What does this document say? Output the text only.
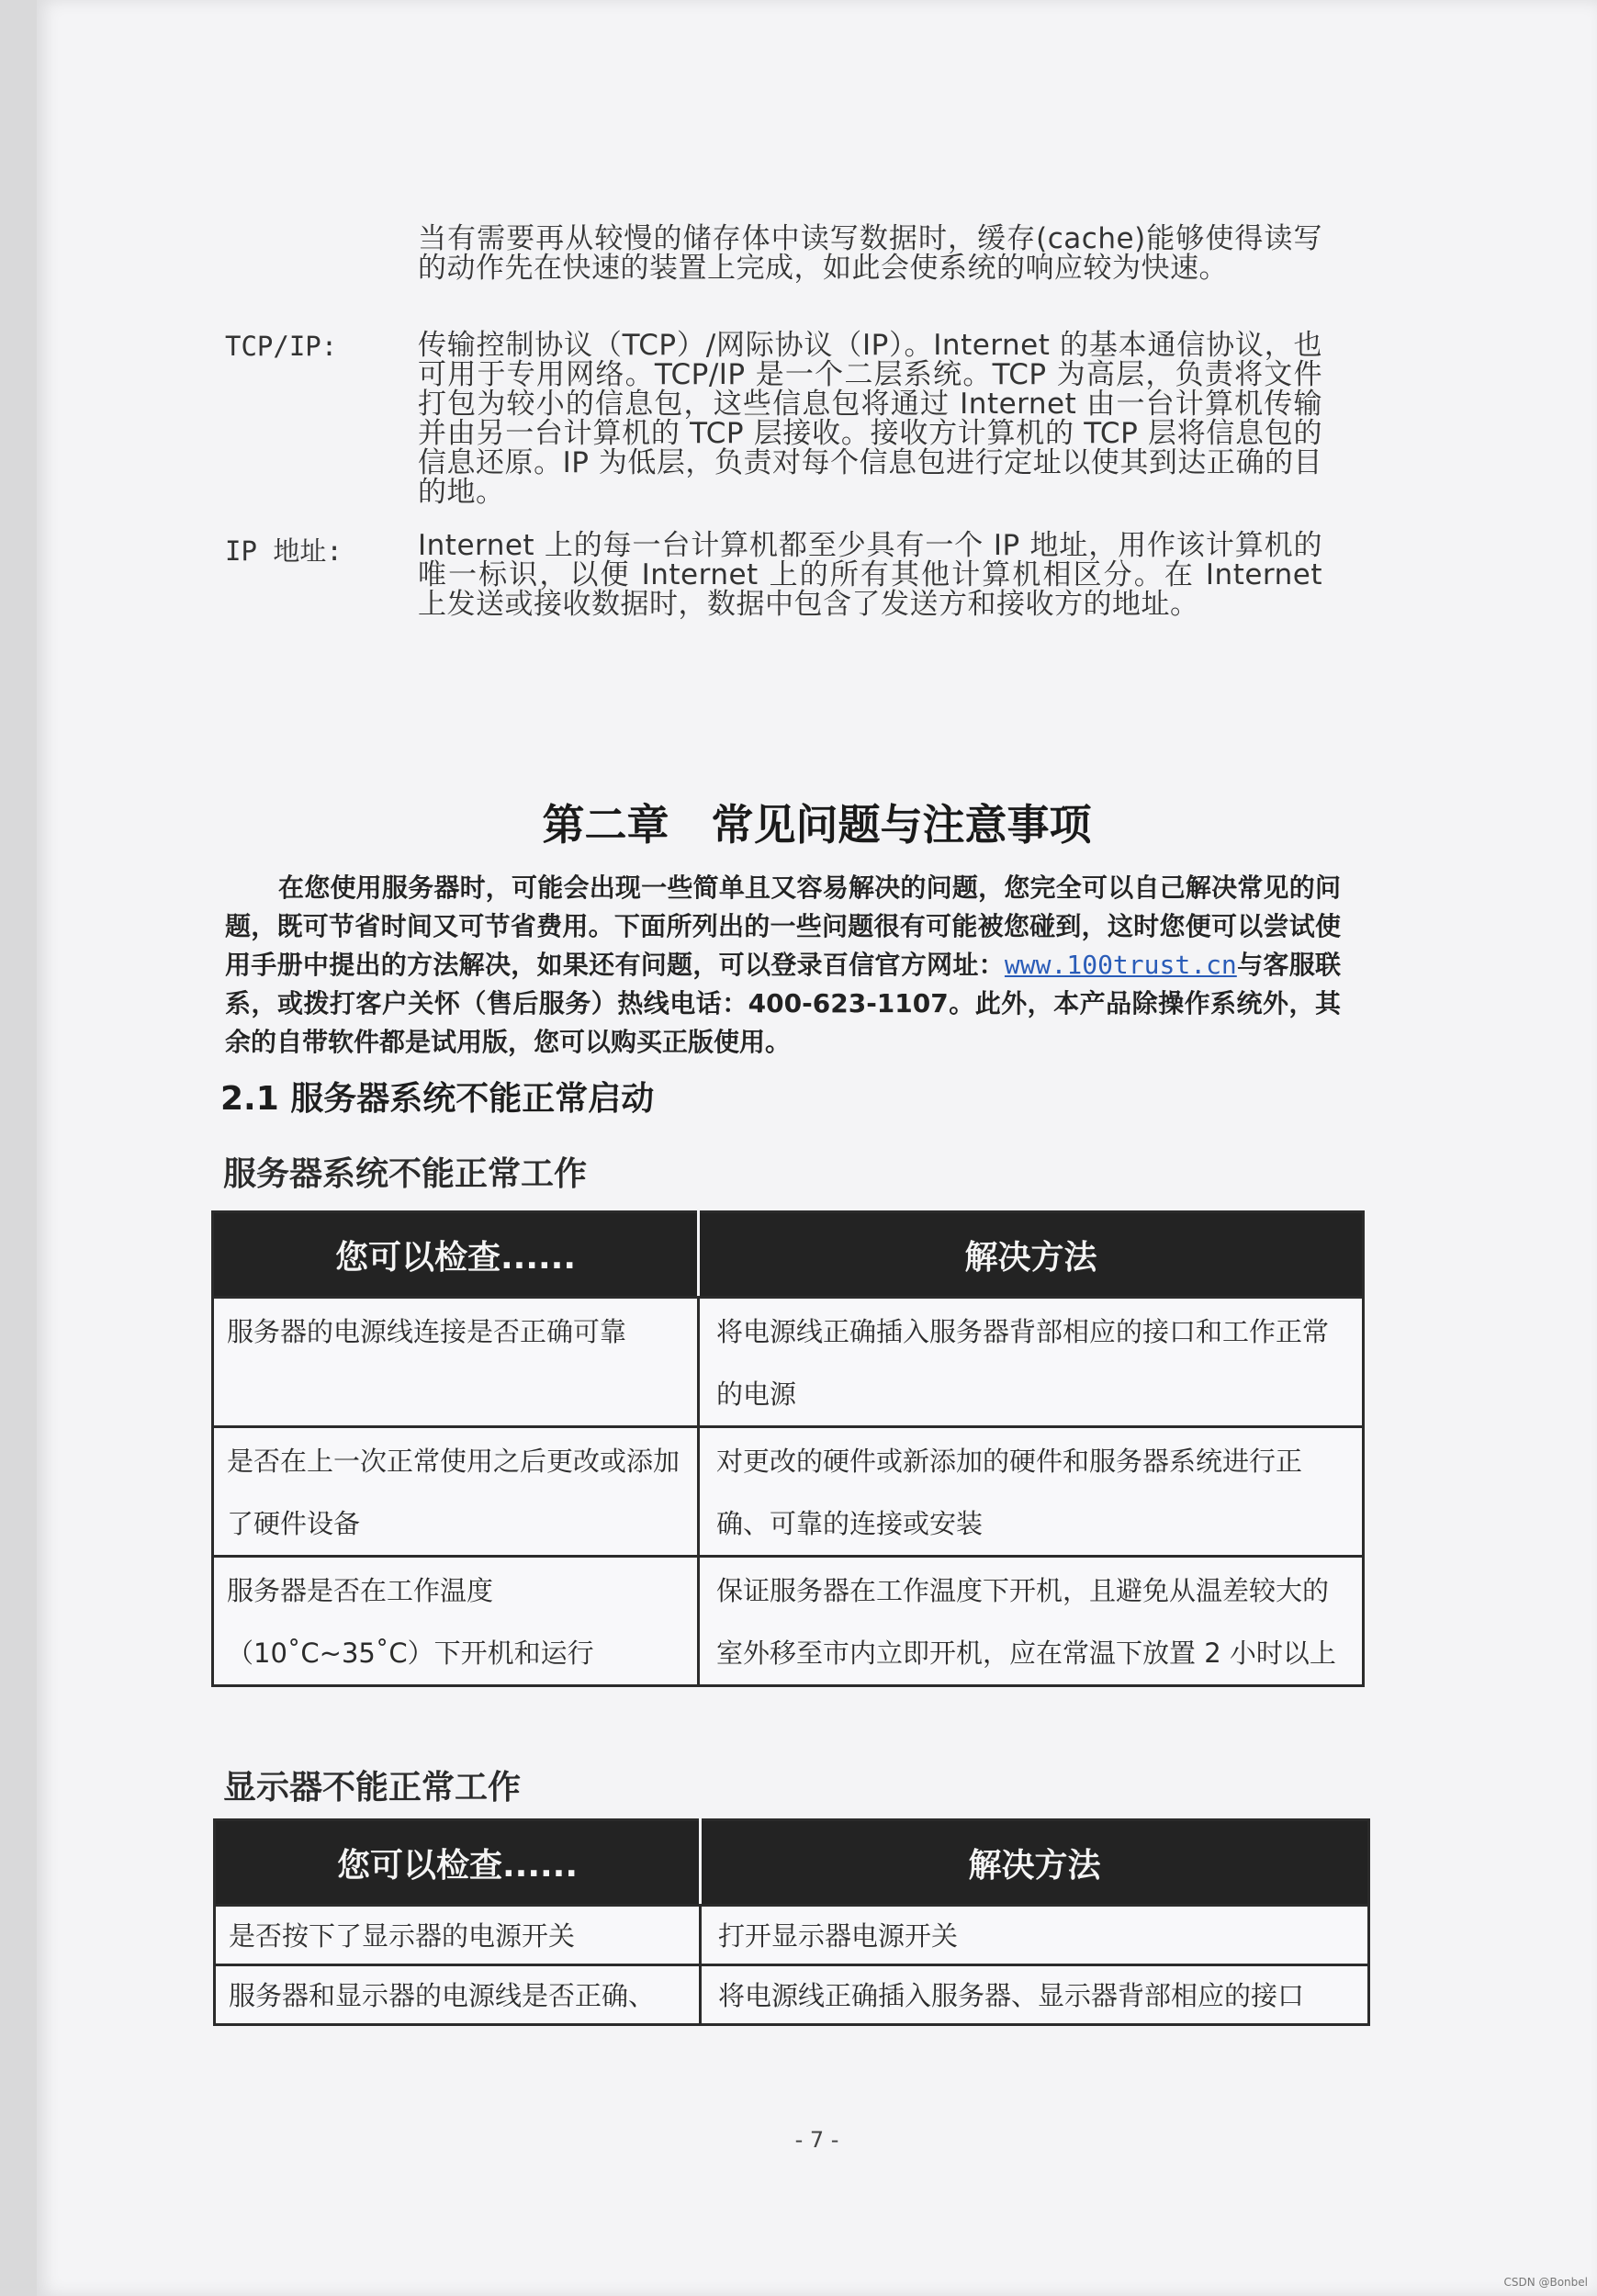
当有需要再从较慢的储存体中读写数据时，缓存(cache)能够使得读写的动作先在快速的装置上完成，如此会使系统的响应较为快速。

TCP/IP:	传输控制协议（TCP）/网际协议（IP）。Internet 的基本通信协议，也可用于专用网络。TCP/IP 是一个二层系统。TCP 为高层，负责将文件打包为较小的信息包，这些信息包将通过 Internet 由一台计算机传输并由另一台计算机的 TCP 层接收。接收方计算机的 TCP 层将信息包的信息还原。IP 为低层，负责对每个信息包进行定址以使其到达正确的目的地。

IP 地址:	Internet 上的每一台计算机都至少具有一个 IP 地址，用作该计算机的唯一标识，以便 Internet 上的所有其他计算机相区分。在 Internet 上发送或接收数据时，数据中包含了发送方和接收方的地址。

第二章　常见问题与注意事项

在您使用服务器时，可能会出现一些简单且又容易解决的问题，您完全可以自己解决常见的问题，既可节省时间又可节省费用。下面所列出的一些问题很有可能被您碰到，这时您便可以尝试使用手册中提出的方法解决，如果还有问题，可以登录百信官方网址：www.100trust.cn与客服联系，或拨打客户关怀（售后服务）热线电话：400-623-1107。此外，本产品除操作系统外，其余的自带软件都是试用版，您可以购买正版使用。

2.1 服务器系统不能正常启动
服务器系统不能正常工作
您可以检查......	解决方法
服务器的电源线连接是否正确可靠	将电源线正确插入服务器背部相应的接口和工作正常的电源
是否在上一次正常使用之后更改或添加了硬件设备	对更改的硬件或新添加的硬件和服务器系统进行正确、可靠的连接或安装
服务器是否在工作温度（10˚C~35˚C）下开机和运行	保证服务器在工作温度下开机，且避免从温差较大的室外移至市内立即开机，应在常温下放置 2 小时以上
显示器不能正常工作
您可以检查......	解决方法
是否按下了显示器的电源开关	打开显示器电源开关
服务器和显示器的电源线是否正确、	将电源线正确插入服务器、显示器背部相应的接口

- 7 -

CSDN @Bonbel
